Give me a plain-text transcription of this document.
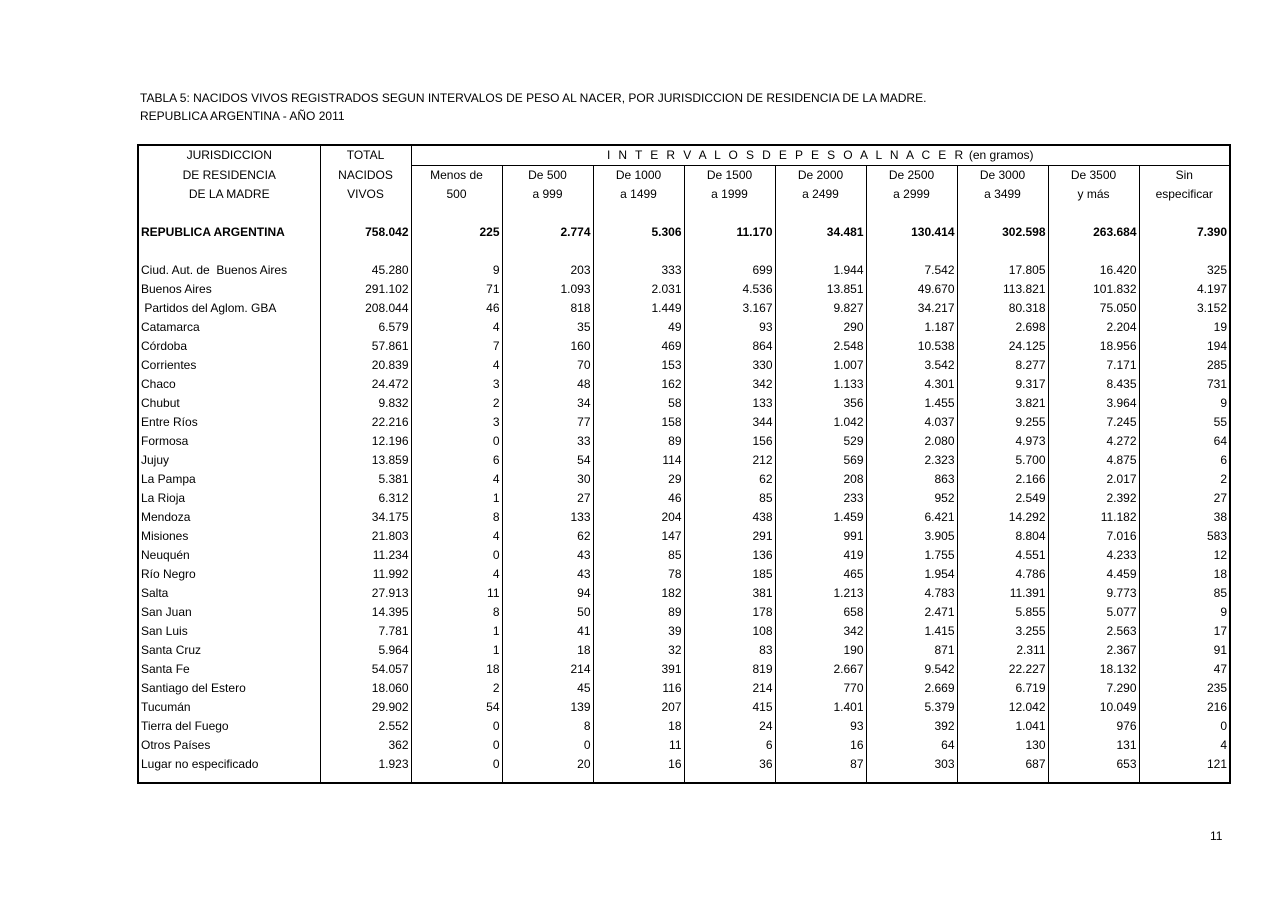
TABLA 5: NACIDOS VIVOS REGISTRADOS SEGUN INTERVALOS DE PESO AL NACER, POR JURISDICCION DE RESIDENCIA DE LA MADRE.
REPUBLICA ARGENTINA - AÑO 2011
JURISDICCION	TOTAL	I N T E R V A L O S D E P E S O A L N A C E R (en gramos)								
DE RESIDENCIA	NACIDOS	Menos de	De 500	De 1000	De 1500	De 2000	De 2500	De 3000	De 3500	Sin
DE LA MADRE	VIVOS	500	a 999	a 1499	a 1999	a 2499	a 2999	a 3499	y más	especificar

REPUBLICA ARGENTINA	758.042	225	2.774	5.306	11.170	34.481	130.414	302.598	263.684	7.390

Ciud. Aut. de  Buenos Aires	45.280	9	203	333	699	1.944	7.542	17.805	16.420	325
Buenos Aires	291.102	71	1.093	2.031	4.536	13.851	49.670	113.821	101.832	4.197
Partidos del Aglom. GBA	208.044	46	818	1.449	3.167	9.827	34.217	80.318	75.050	3.152
Catamarca	6.579	4	35	49	93	290	1.187	2.698	2.204	19
Córdoba	57.861	7	160	469	864	2.548	10.538	24.125	18.956	194
Corrientes	20.839	4	70	153	330	1.007	3.542	8.277	7.171	285
Chaco	24.472	3	48	162	342	1.133	4.301	9.317	8.435	731
Chubut	9.832	2	34	58	133	356	1.455	3.821	3.964	9
Entre Ríos	22.216	3	77	158	344	1.042	4.037	9.255	7.245	55
Formosa	12.196	0	33	89	156	529	2.080	4.973	4.272	64
Jujuy	13.859	6	54	114	212	569	2.323	5.700	4.875	6
La Pampa	5.381	4	30	29	62	208	863	2.166	2.017	2
La Rioja	6.312	1	27	46	85	233	952	2.549	2.392	27
Mendoza	34.175	8	133	204	438	1.459	6.421	14.292	11.182	38
Misiones	21.803	4	62	147	291	991	3.905	8.804	7.016	583
Neuquén	11.234	0	43	85	136	419	1.755	4.551	4.233	12
Río Negro	11.992	4	43	78	185	465	1.954	4.786	4.459	18
Salta	27.913	11	94	182	381	1.213	4.783	11.391	9.773	85
San Juan	14.395	8	50	89	178	658	2.471	5.855	5.077	9
San Luis	7.781	1	41	39	108	342	1.415	3.255	2.563	17
Santa Cruz	5.964	1	18	32	83	190	871	2.311	2.367	91
Santa Fe	54.057	18	214	391	819	2.667	9.542	22.227	18.132	47
Santiago del Estero	18.060	2	45	116	214	770	2.669	6.719	7.290	235
Tucumán	29.902	54	139	207	415	1.401	5.379	12.042	10.049	216
Tierra del Fuego	2.552	0	8	18	24	93	392	1.041	976	0
Otros Países	362	0	0	11	6	16	64	130	131	4
Lugar no especificado	1.923	0	20	16	36	87	303	687	653	121

11
